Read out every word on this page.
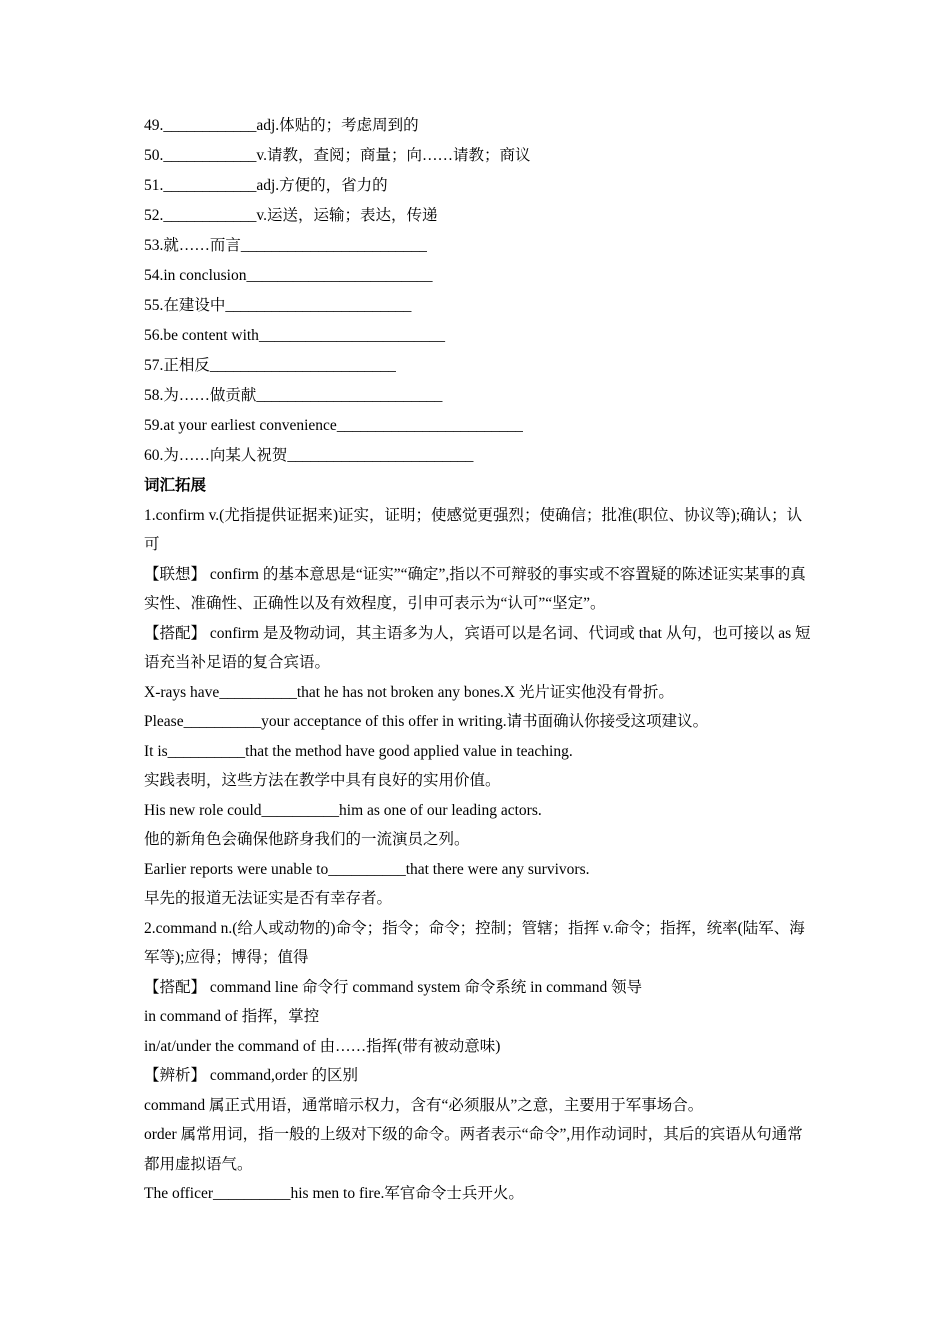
49.____________adj.体贴的；考虑周到的
50.____________v.请教，查阅；商量；向……请教；商议
51.____________adj.方便的，省力的
52.____________v.运送，运输；表达，传递
53.就……而言________________________
54.in conclusion________________________
55.在建设中________________________
56.be content with________________________
57.正相反________________________
58.为……做贡献________________________
59.at your earliest convenience________________________
60.为……向某人祝贺________________________
词汇拓展
1.confirm v.(尤指提供证据来)证实，证明；使感觉更强烈；使确信；批准(职位、协议等);确认；认可
【联想】 confirm 的基本意思是“证实”“确定”,指以不可辩驳的事实或不容置疑的陈述证实某事的真实性、准确性、正确性以及有效程度，引申可表示为“认可”“坚定”。
【搭配】 confirm 是及物动词，其主语多为人，宾语可以是名词、代词或 that 从句，也可接以 as 短语充当补足语的复合宾语。
X-rays have__________that he has not broken any bones.X 光片证实他没有骨折。
Please__________your acceptance of this offer in writing.请书面确认你接受这项建议。
It is__________that the method have good applied value in teaching.
实践表明，这些方法在教学中具有良好的实用价值。
His new role could__________him as one of our leading actors.
他的新角色会确保他跻身我们的一流演员之列。
Earlier reports were unable to__________that there were any survivors.
早先的报道无法证实是否有幸存者。
2.command n.(给人或动物的)命令；指令；命令；控制；管辖；指挥 v.命令；指挥，统率(陆军、海军等);应得；博得；值得
【搭配】 command line 命令行 command system 命令系统 in command 领导
in command of 指挥，掌控
in/at/under the command of 由……指挥(带有被动意味)
【辨析】 command,order 的区别
command 属正式用语，通常暗示权力，含有“必须服从”之意，主要用于军事场合。
order 属常用词，指一般的上级对下级的命令。两者表示“命令”,用作动词时，其后的宾语从句通常都用虚拟语气。
The officer__________his men to fire.军官命令士兵开火。
